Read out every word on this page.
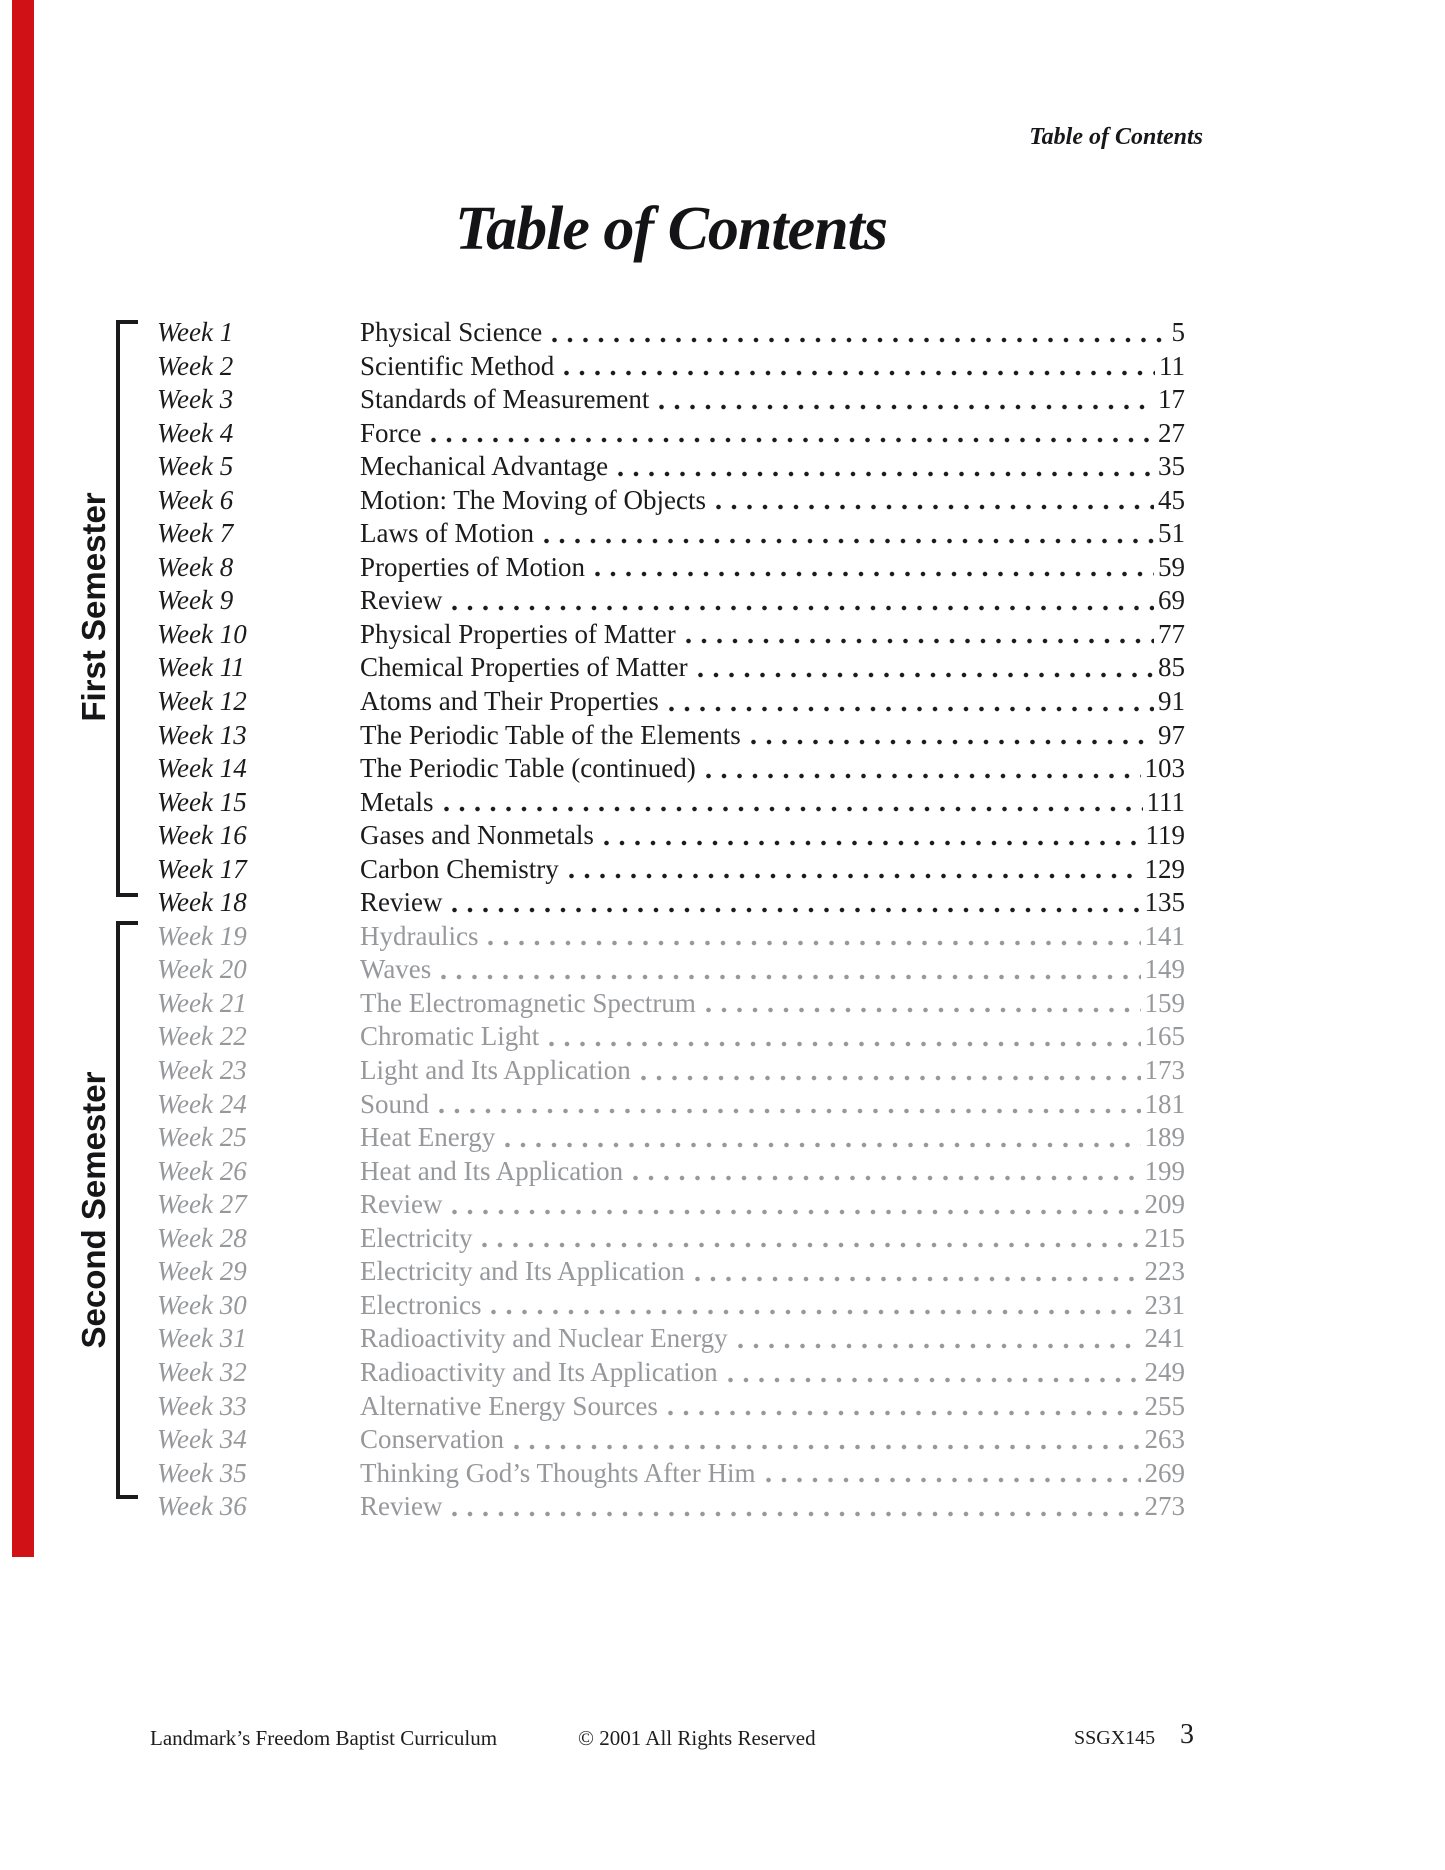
Table of Contents
Table of Contents
First Semester
Second Semester
Week 1	Physical Science	5
Week 2	Scientific Method	11
Week 3	Standards of Measurement	17
Week 4	Force	27
Week 5	Mechanical Advantage	35
Week 6	Motion: The Moving of Objects	45
Week 7	Laws of Motion	51
Week 8	Properties of Motion	59
Week 9	Review	69
Week 10	Physical Properties of Matter	77
Week 11	Chemical Properties of Matter	85
Week 12	Atoms and Their Properties	91
Week 13	The Periodic Table of the Elements	97
Week 14	The Periodic Table (continued)	103
Week 15	Metals	111
Week 16	Gases and Nonmetals	119
Week 17	Carbon Chemistry	129
Week 18	Review	135
Week 19	Hydraulics	141
Week 20	Waves	149
Week 21	The Electromagnetic Spectrum	159
Week 22	Chromatic Light	165
Week 23	Light and Its Application	173
Week 24	Sound	181
Week 25	Heat Energy	189
Week 26	Heat and Its Application	199
Week 27	Review	209
Week 28	Electricity	215
Week 29	Electricity and Its Application	223
Week 30	Electronics	231
Week 31	Radioactivity and Nuclear Energy	241
Week 32	Radioactivity and Its Application	249
Week 33	Alternative Energy Sources	255
Week 34	Conservation	263
Week 35	Thinking God’s Thoughts After Him	269
Week 36	Review	273
Landmark’s Freedom Baptist Curriculum	© 2001 All Rights Reserved	SSGX145 3
